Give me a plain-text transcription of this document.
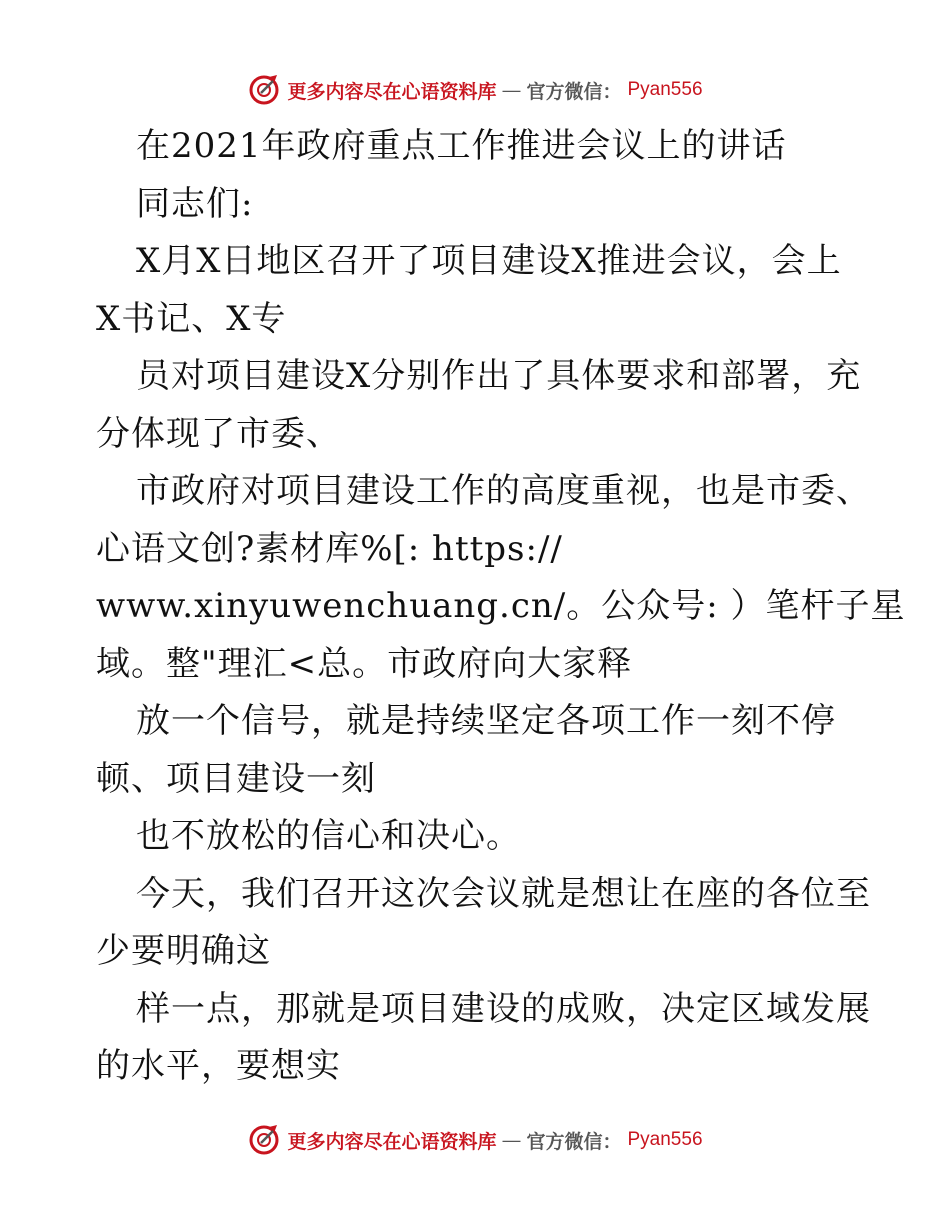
更多内容尽在心语资料库 — 官方微信： Pyan556
在2021年政府重点工作推进会议上的讲话
同志们:
X月X日地区召开了项目建设X推进会议，会上
X书记、X专
员对项目建设X分别作出了具体要求和部署，充
分体现了市委、
市政府对项目建设工作的高度重视，也是市委、
心语文创?素材库%[: https://
www.xinyuwenchuang.cn/。公众号: ）笔杆子星
域。整"理汇<总。市政府向大家释
放一个信号，就是持续坚定各项工作一刻不停
顿、项目建设一刻
也不放松的信心和决心。
今天，我们召开这次会议就是想让在座的各位至
少要明确这
样一点，那就是项目建设的成败，决定区域发展
的水平，要想实
更多内容尽在心语资料库 — 官方微信： Pyan556
